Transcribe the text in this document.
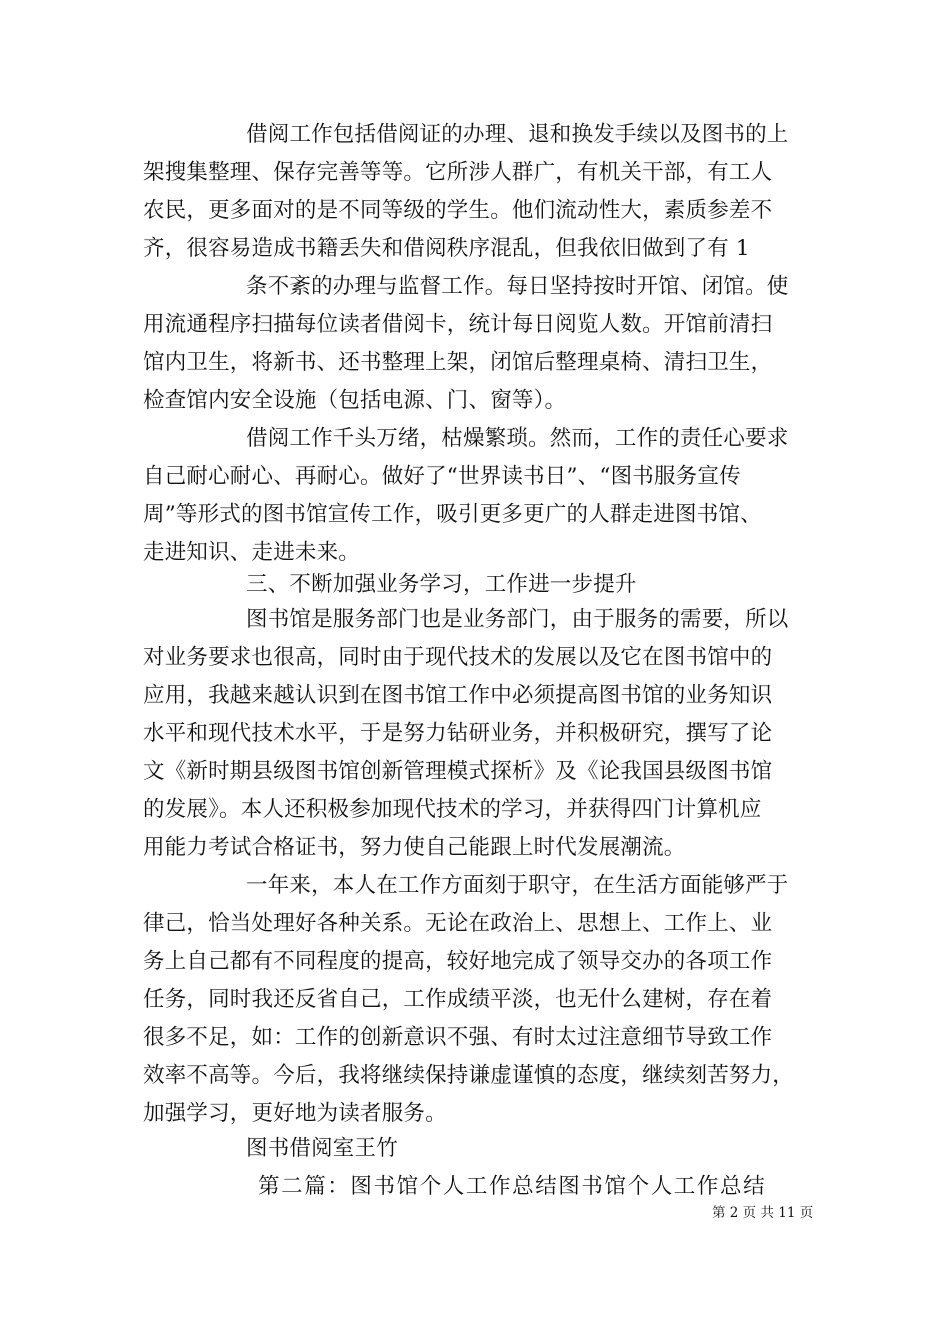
借阅工作包括借阅证的办理、退和换发手续以及图书的上
架搜集整理、保存完善等等。它所涉人群广，有机关干部，有工人
农民，更多面对的是不同等级的学生。他们流动性大，素质参差不
齐，很容易造成书籍丢失和借阅秩序混乱，但我依旧做到了有 1
条不紊的办理与监督工作。每日坚持按时开馆、闭馆。使
用流通程序扫描每位读者借阅卡，统计每日阅览人数。开馆前清扫
馆内卫生，将新书、还书整理上架，闭馆后整理桌椅、清扫卫生，
检查馆内安全设施（包括电源、门、窗等）。
借阅工作千头万绪，枯燥繁琐。然而，工作的责任心要求
自己耐心耐心、再耐心。做好了“世界读书日”、“图书服务宣传
周”等形式的图书馆宣传工作，吸引更多更广的人群走进图书馆、
走进知识、走进未来。
三、不断加强业务学习，工作进一步提升
图书馆是服务部门也是业务部门，由于服务的需要，所以
对业务要求也很高，同时由于现代技术的发展以及它在图书馆中的
应用，我越来越认识到在图书馆工作中必须提高图书馆的业务知识
水平和现代技术水平，于是努力钻研业务，并积极研究，撰写了论
文《新时期县级图书馆创新管理模式探析》及《论我国县级图书馆
的发展》。本人还积极参加现代技术的学习，并获得四门计算机应
用能力考试合格证书，努力使自己能跟上时代发展潮流。
一年来，本人在工作方面刻于职守，在生活方面能够严于
律己，恰当处理好各种关系。无论在政治上、思想上、工作上、业
务上自己都有不同程度的提高，较好地完成了领导交办的各项工作
任务，同时我还反省自己，工作成绩平淡，也无什么建树，存在着
很多不足，如：工作的创新意识不强、有时太过注意细节导致工作
效率不高等。今后，我将继续保持谦虚谨慎的态度，继续刻苦努力，
加强学习，更好地为读者服务。
图书借阅室王竹
第二篇：图书馆个人工作总结图书馆个人工作总结
第 2 页 共 11 页
